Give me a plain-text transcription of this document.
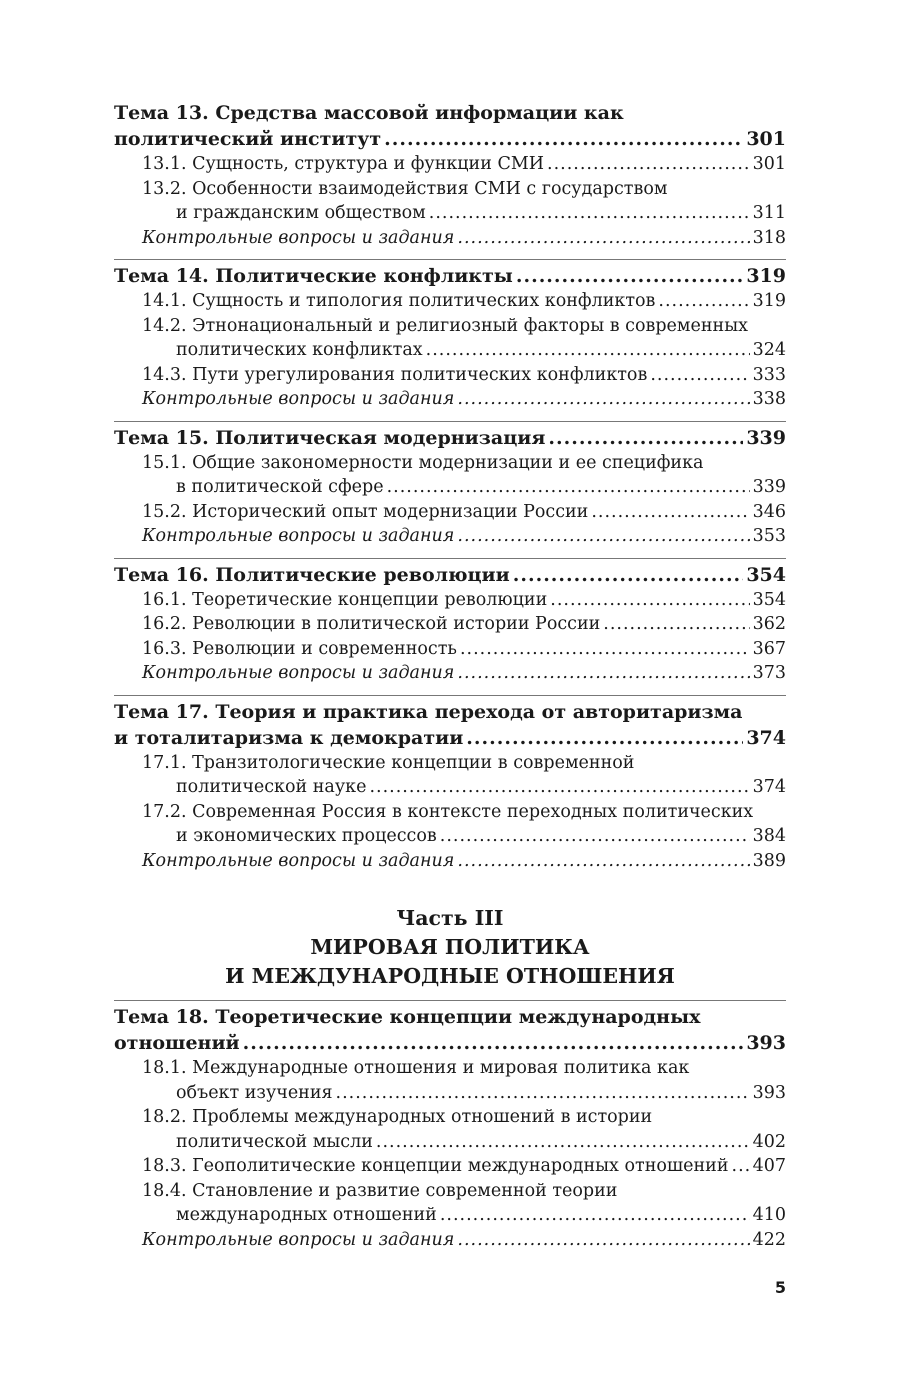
Тема 13. Средства массовой информации как
политический институт .....	301
13.1. Сущность, структура и функции СМИ .....	301
13.2. Особенности взаимодействия СМИ с государством
и гражданским обществом .....	311
Контрольные вопросы и задания .....	318
Тема 14. Политические конфликты .....	319
14.1. Сущность и типология политических конфликтов .....	319
14.2. Этнонациональный и религиозный факторы в современных
политических конфликтах .....	324
14.3. Пути урегулирования политических конфликтов .....	333
Контрольные вопросы и задания .....	338
Тема 15. Политическая модернизация .....	339
15.1. Общие закономерности модернизации и ее специфика
в политической сфере .....	339
15.2. Исторический опыт модернизации России .....	346
Контрольные вопросы и задания .....	353
Тема 16. Политические революции .....	354
16.1. Теоретические концепции революции .....	354
16.2. Революции в политической истории России .....	362
16.3. Революции и современность .....	367
Контрольные вопросы и задания .....	373
Тема 17. Теория и практика перехода от авторитаризма
и тоталитаризма к демократии .....	374
17.1. Транзитологические концепции в современной
политической науке .....	374
17.2. Современная Россия в контексте переходных политических
и экономических процессов .....	384
Контрольные вопросы и задания .....	389
Часть III
МИРОВАЯ ПОЛИТИКА
И МЕЖДУНАРОДНЫЕ ОТНОШЕНИЯ
Тема 18. Теоретические концепции международных
отношений .....	393
18.1. Международные отношения и мировая политика как
объект изучения .....	393
18.2. Проблемы международных отношений в истории
политической мысли .....	402
18.3. Геополитические концепции международных отношений ..... 407
18.4. Становление и развитие современной теории
международных отношений .....	410
Контрольные вопросы и задания .....	422
5
